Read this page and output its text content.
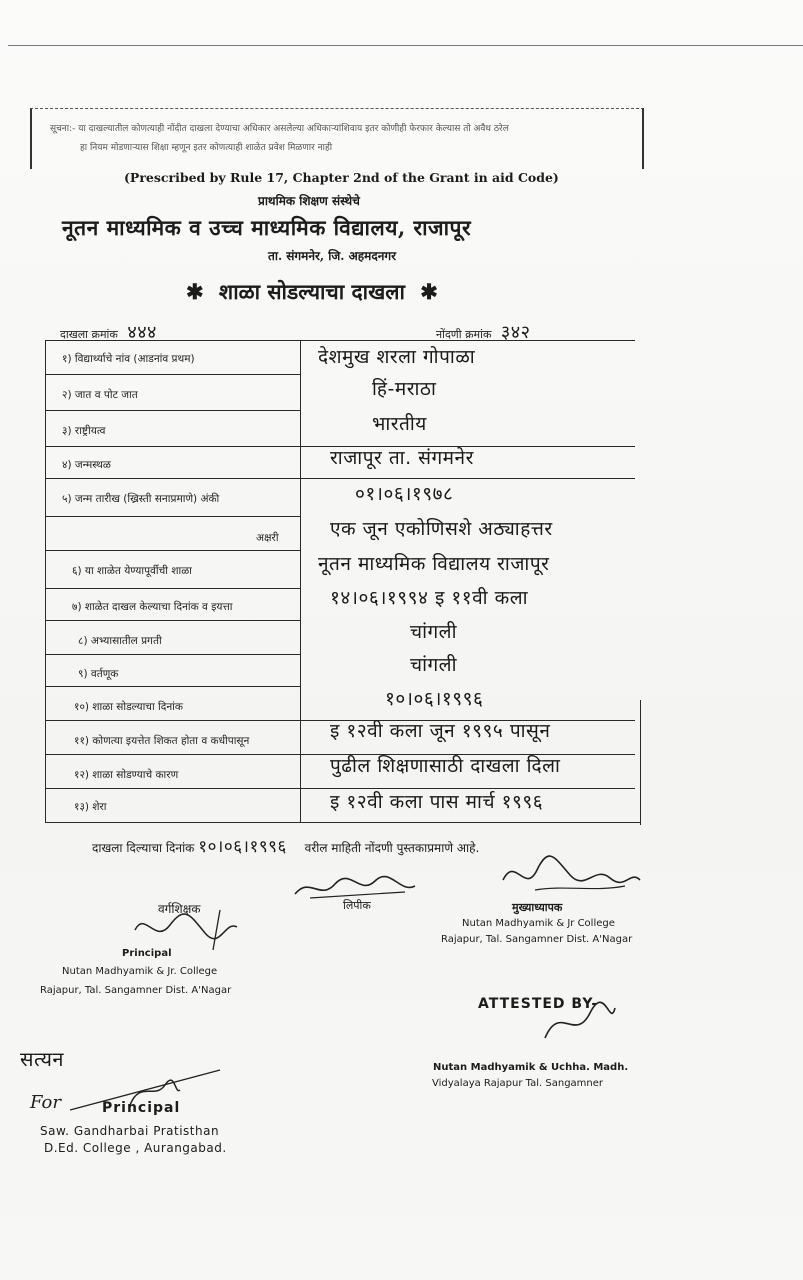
सूचना:- या दाखल्यातील कोणत्याही नोंदीत दाखला देण्याचा अधिकार असलेल्या अधिकाऱ्यांशिवाय इतर कोणीही फेरफार केल्यास तो अवैध ठरेल
हा नियम मोडणाऱ्यास शिक्षा म्हणून इतर कोणत्याही शाळेत प्रवेश मिळणार नाही
(Prescribed by Rule 17, Chapter 2nd of the Grant in aid Code)
प्राथमिक शिक्षण संस्थेचे
नूतन माध्यमिक व उच्च माध्यमिक विद्यालय, राजापूर
ता. संगमनेर, जि. अहमदनगर
✱ शाळा सोडल्याचा दाखला ✱
दाखला क्रमांक ४४४	नोंदणी क्रमांक ३४२
१) विद्यार्थ्याचे नांव (आडनांव प्रथम)	देशमुख शरला गोपाळा
२) जात व पोट जात	हिं-मराठा
३) राष्ट्रीयत्व	भारतीय
४) जन्मस्थळ	राजापूर ता. संगमनेर
५) जन्म तारीख (ख्रिस्ती सनाप्रमाणे) अंकी	०१।०६।१९७८
अक्षरी	एक जून एकोणिसशे अठ्याहत्तर
६) या शाळेत येण्यापूर्वीची शाळा	नूतन माध्यमिक विद्यालय राजापूर
७) शाळेत दाखल केल्याचा दिनांक व इयत्ता	१४।०६।१९९४ इ ११वी कला
८) अभ्यासातील प्रगती	चांगली
९) वर्तणूक	चांगली
१०) शाळा सोडल्याचा दिनांक	१०।०६।१९९६
११) कोणत्या इयत्तेत शिकत होता व कधीपासून	इ १२वी कला जून १९९५ पासून
१२) शाळा सोडण्याचे कारण	पुढील शिक्षणासाठी दाखला दिला
१३) शेरा	इ १२वी कला पास मार्च १९९६
दाखला दिल्याचा दिनांक १०।०६।१९९६ वरील माहिती नोंदणी पुस्तकाप्रमाणे आहे.
लिपीक	मुख्याध्यापक
Nutan Madhyamik & Jr College
Rajapur, Tal. Sangamner Dist. A'Nagar
वर्गशिक्षक
Principal
Nutan Madhyamik & Jr. College
Rajapur, Tal. Sangamner Dist. A'Nagar
ATTESTED BY-
Nutan Madhyamik & Uchha. Madh.
Vidyalaya Rajapur Tal. Sangamner
सत्यन
For	Principal
Saw. Gandharbai Pratisthan
D.Ed. College , Aurangabad.
